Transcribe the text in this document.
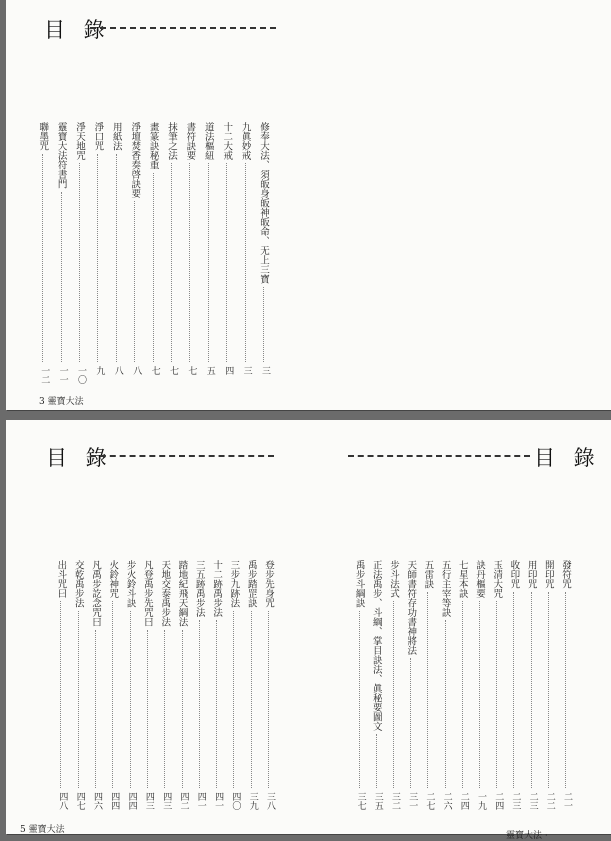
目 錄
修奉大法、須皈身皈神皈命、无上三寶
三
九眞妙戒
三
十二大戒
四
道法樞紐
五
書符訣要
七
抹筆之法
七
畫篆訣秘重
七
淨壇焚香奏啓訣要
八
用紙法
八
淨口咒
九
淨天地咒
一〇
靈寶大法符書門
一一
聯墨咒
一二
3 靈寶大法
目 錄	目 錄
登步先身咒
三八
禹步踏罡訣
三九
三步九跡法
四〇
十二跡禹步法
四一
三五跡禹步法
四一
踏地紀飛天綱法
四二
天地交泰禹步法
四三
凡登禹步先咒曰
四三
步火鈴斗訣
四四
火鈴神咒
四四
凡禹步訖念咒曰
四六
交乾禹步法
四七
出斗咒曰
四八
發符咒
二一
開印咒
二二
用印咒
二三
收印咒
二三
玉清大咒
二四
訣丹樞要
一九
七星本訣
二四
五行主宰等訣
二六
五雷訣
二七
天師書符存功書神將法
三一
步斗法式
三二
正法禹步、斗綱、掌目訣法、眞秘要圖文
三五
禹步斗綱訣
三七
5 靈寶大法
靈寶大法 ·
